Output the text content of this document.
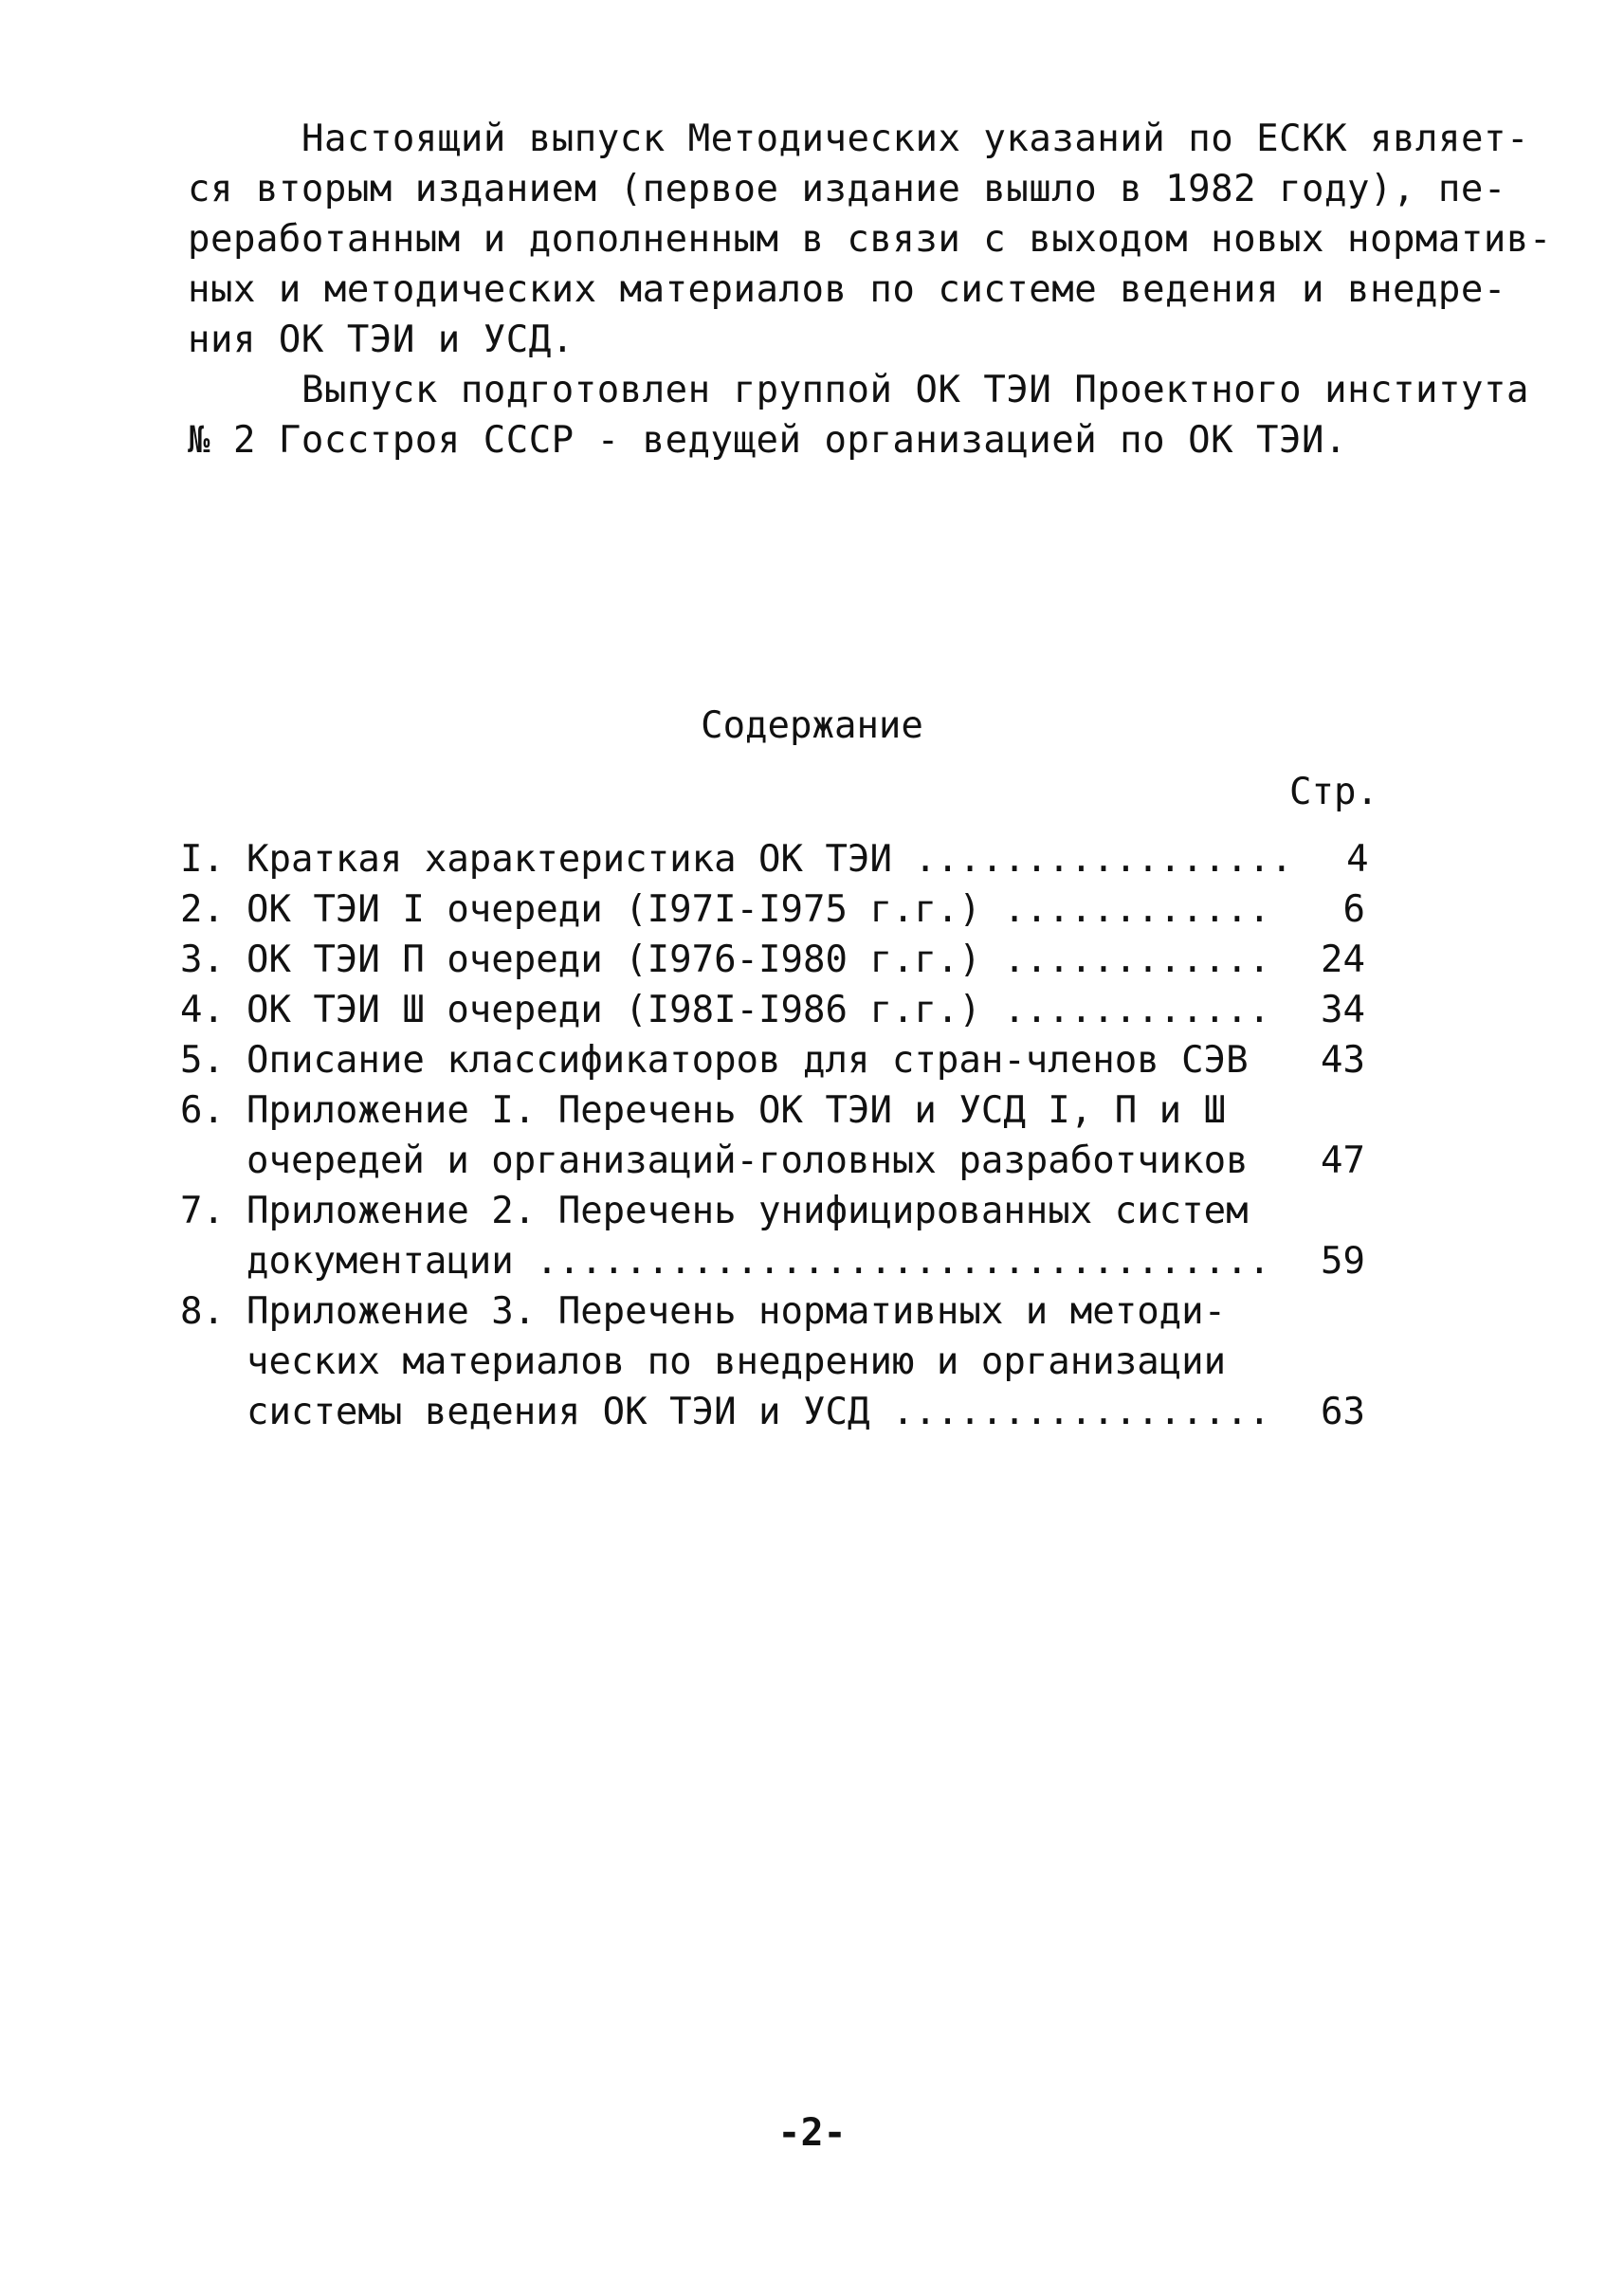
Настоящий выпуск Методических указаний по ЕСКК являет-
ся вторым изданием (первое издание вышло в 1982 году), пе-
реработанным и дополненным в связи с выходом новых норматив-
ных и методических материалов по системе ведения и внедре-
ния ОК ТЭИ и УСД.

Выпуск подготовлен группой ОК ТЭИ Проектного института
№ 2 Госстроя СССР - ведущей организацией по ОК ТЭИ.

Содержание
Стр.
I. Краткая характеристика ОК ТЭИ .................	4
2. ОК ТЭИ I очереди (I97I-I975 г.г.) ............	6
3. ОК ТЭИ П очереди (I976-I980 г.г.) ............	24
4. ОК ТЭИ Ш очереди (I98I-I986 г.г.) ............	34
5. Описание классификаторов для стран-членов СЭВ	43
6. Приложение I. Перечень ОК ТЭИ и УСД I, П и Ш
очередей и организаций-головных разработчиков	47
7. Приложение 2. Перечень унифицированных систем
документации .................................	59
8. Приложение 3. Перечень нормативных и методи-
ческих материалов по внедрению и организации
системы ведения ОК ТЭИ и УСД .................	63
-2-
